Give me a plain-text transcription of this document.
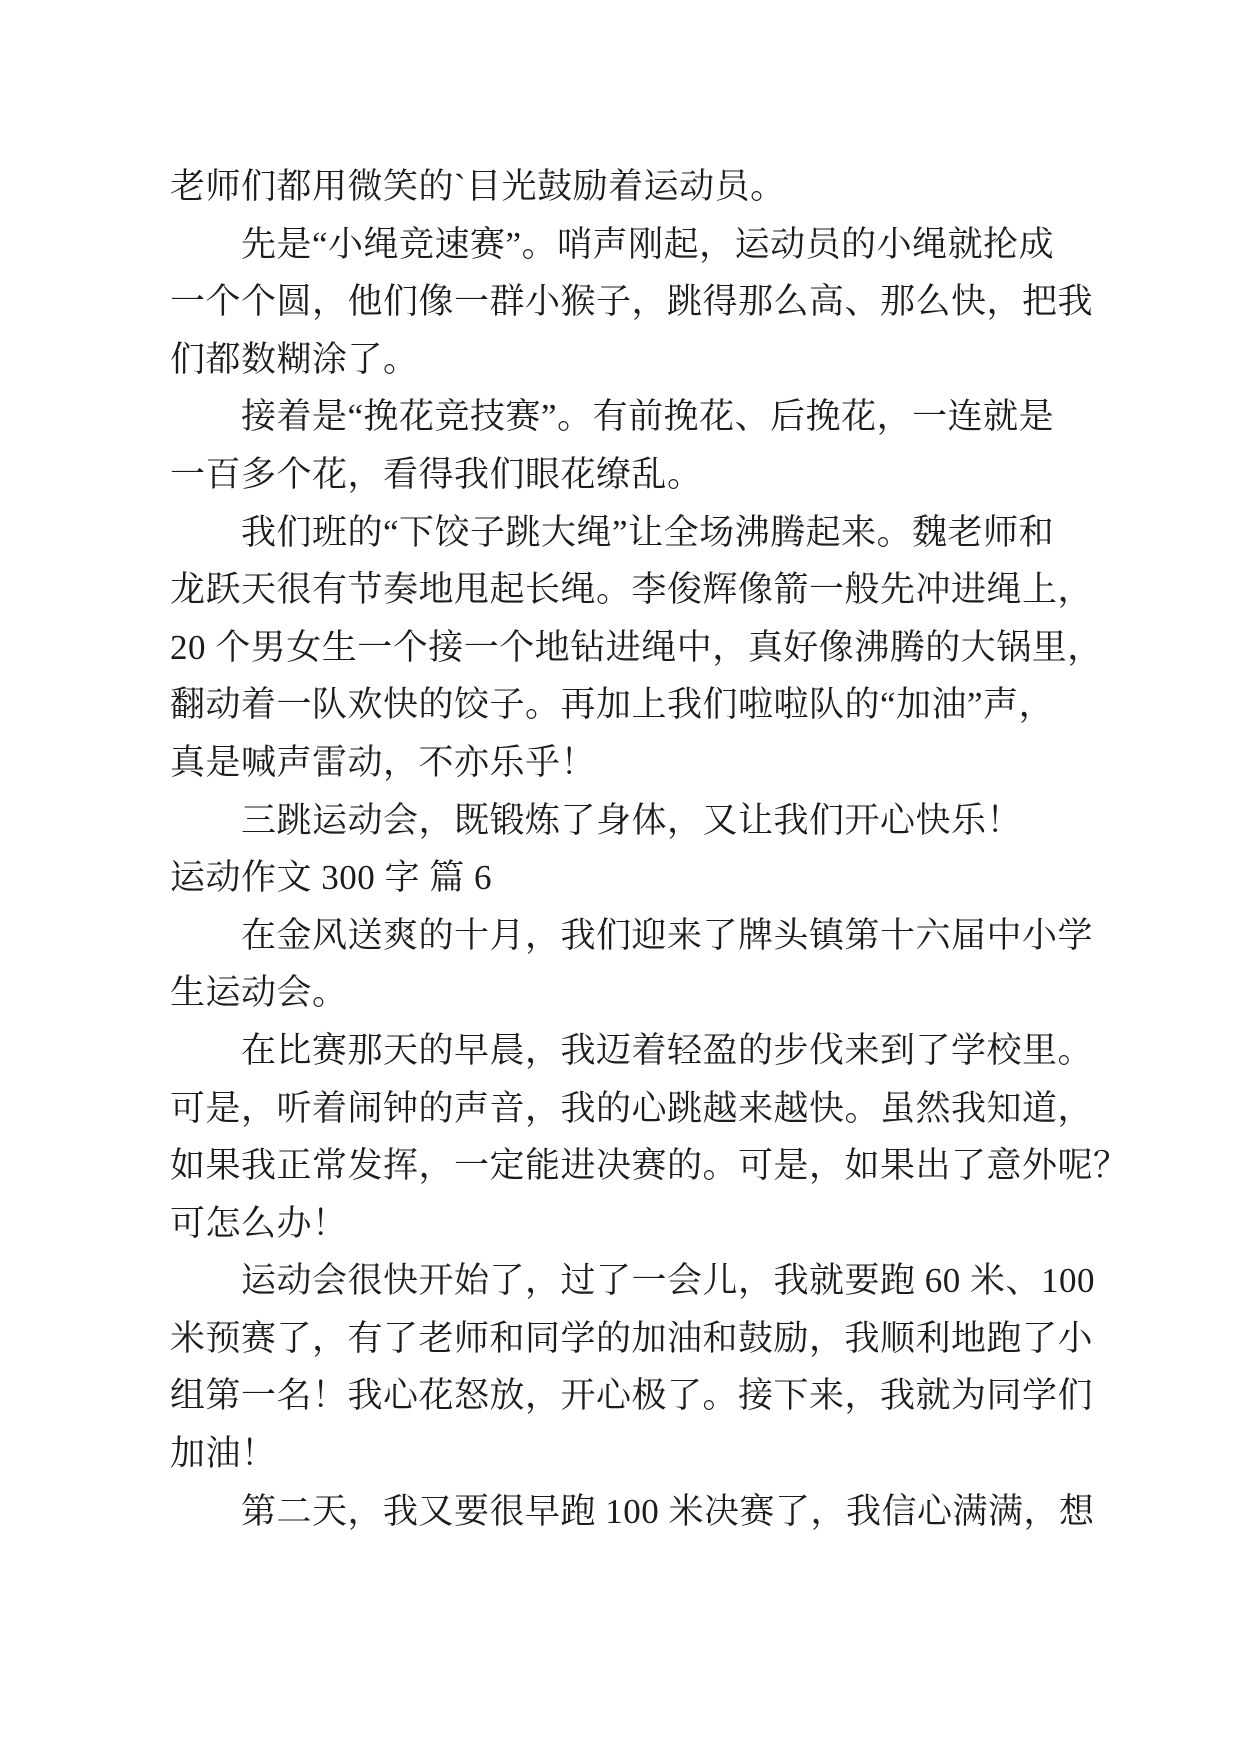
老师们都用微笑的`目光鼓励着运动员。
　　先是“小绳竞速赛”。哨声刚起，运动员的小绳就抡成
一个个圆，他们像一群小猴子，跳得那么高、那么快，把我
们都数糊涂了。
　　接着是“挽花竞技赛”。有前挽花、后挽花，一连就是
一百多个花，看得我们眼花缭乱。
　　我们班的“下饺子跳大绳”让全场沸腾起来。魏老师和
龙跃天很有节奏地甩起长绳。李俊辉像箭一般先冲进绳上，
20 个男女生一个接一个地钻进绳中，真好像沸腾的大锅里，
翻动着一队欢快的饺子。再加上我们啦啦队的“加油”声，
真是喊声雷动，不亦乐乎！
　　三跳运动会，既锻炼了身体，又让我们开心快乐！
运动作文 300 字 篇 6
　　在金风送爽的十月，我们迎来了牌头镇第十六届中小学
生运动会。
　　在比赛那天的早晨，我迈着轻盈的步伐来到了学校里。
可是，听着闹钟的声音，我的心跳越来越快。虽然我知道，
如果我正常发挥，一定能进决赛的。可是，如果出了意外呢？
可怎么办！
　　运动会很快开始了，过了一会儿，我就要跑 60 米、100
米预赛了，有了老师和同学的加油和鼓励，我顺利地跑了小
组第一名！我心花怒放，开心极了。接下来，我就为同学们
加油！
　　第二天，我又要很早跑 100 米决赛了，我信心满满，想
